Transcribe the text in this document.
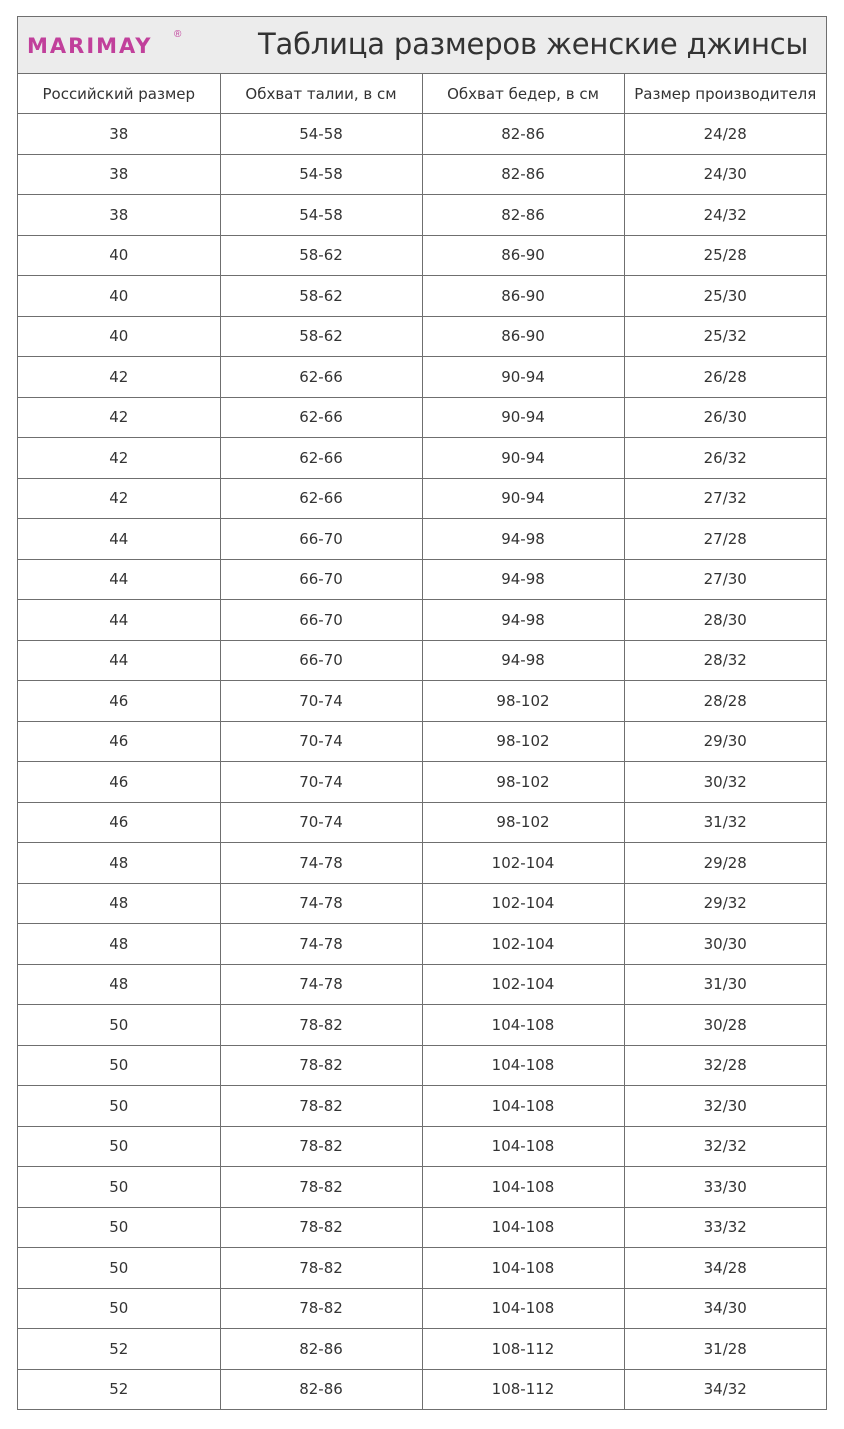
MARIMAY ®	Таблица размеров женские джинсы
Российский размер	Обхват талии, в см	Обхват бедер, в см	Размер производителя
38	54-58	82-86	24/28
38	54-58	82-86	24/30
38	54-58	82-86	24/32
40	58-62	86-90	25/28
40	58-62	86-90	25/30
40	58-62	86-90	25/32
42	62-66	90-94	26/28
42	62-66	90-94	26/30
42	62-66	90-94	26/32
42	62-66	90-94	27/32
44	66-70	94-98	27/28
44	66-70	94-98	27/30
44	66-70	94-98	28/30
44	66-70	94-98	28/32
46	70-74	98-102	28/28
46	70-74	98-102	29/30
46	70-74	98-102	30/32
46	70-74	98-102	31/32
48	74-78	102-104	29/28
48	74-78	102-104	29/32
48	74-78	102-104	30/30
48	74-78	102-104	31/30
50	78-82	104-108	30/28
50	78-82	104-108	32/28
50	78-82	104-108	32/30
50	78-82	104-108	32/32
50	78-82	104-108	33/30
50	78-82	104-108	33/32
50	78-82	104-108	34/28
50	78-82	104-108	34/30
52	82-86	108-112	31/28
52	82-86	108-112	34/32
